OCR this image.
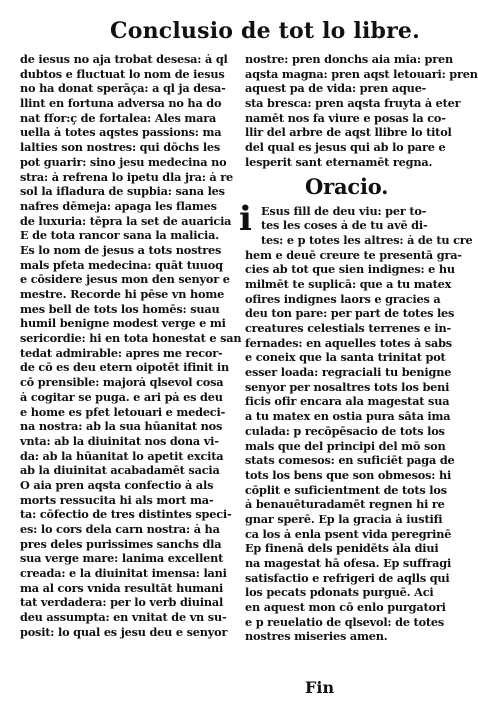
Conclusio de tot lo libre.
de iesus no aja trobat desesa: ȧ ql
dubtos e fluctuat lo nom de iesus
no ha donat sperāça: a ql ja desa-
llint en fortuna adversa no ha do
nat ffor:ç de fortalea: Ales mara
uella ȧ totes aqstes passions: ma
lalties son nostres: qui dōchs les
pot guarir: sino jesu medecina no
stra: ȧ refrena lo ipetu dla jra: ȧ re
sol la ifladura de supbia: sana les
nafres dēmeja: apaga les flames
de luxuria: tēpra la set de auaricia
E de tota rancor sana la malicia.
Es lo nom de jesus a tots nostres
mals pfeta medecina: quāt tuuoq
e cōsidere jesus mon den senyor e
mestre. Recorde hi pēse vn home
mes bell de tots los homēs: suau
humil benigne modest verge e mi
sericordie: hi en tota honestat e san
tedat admirable: apres me recor-
de cō es deu etern oipotēt ifinit in
cō prensible: majorȧ qlsevol cosa
ȧ cogitar se puga. e ari pȧ es deu
e home es pfet letouari e medeci-
na nostra: ab la sua hūanitat nos
vnta: ab la diuinitat nos dona vi-
da: ab la hūanitat lo apetit excita
ab la diuinitat acabadamēt sacia
O aia pren aqsta confectio ȧ als
morts ressucita hi als mort ma-
ta: cōfectio de tres distintes speci-
es: lo cors dela carn nostra: ȧ ha
pres deles purissimes sanchs dla
sua verge mare: lanima excellent
creada: e la diuinitat imensa: lani
ma al cors vnida resultāt humani
tat verdadera: per lo verb diuinal
deu assumpta: en vnitat de vn su-
posit: lo qual es jesu deu e senyor
nostre: pren donchs aia mia: pren
aqsta magna: pren aqst letouari: pren
aquest pa de vida: pren aque-
sta bresca: pren aqsta fruyta ȧ eter
namēt nos fa viure e posas la co-
llir del arbre de aqst llibre lo titol
del qual es jesus qui ab lo pare e
lesperit sant eternamēt regna.
Oracio.
i Esus fill de deu viu: per to-
tes les coses ȧ de tu avē di-
tes: e p totes les altres: ȧ de tu cre
hem e deuē creure te presentā gra-
cies ab tot que sien indignes: e hu
milmēt te suplicā: que a tu matex
ofires indignes laors e gracies a
deu ton pare: per part de totes les
creatures celestials terrenes e in-
fernades: en aquelles totes ȧ sabs
e coneix que la santa trinitat pot
esser loada: regraciali tu benigne
senyor per nosaltres tots los beni
ficis ofir encara ala magestat sua
a tu matex en ostia pura sāta ima
culada: p recōpēsacio de tots los
mals que del principi del mō son
stats comesos: en suficiēt paga de
tots los bens que son obmesos: hi
cōplit e suficientment de tots los
ȧ benauēturadamēt regnen hi re
gnar sperē. Ep la gracia ȧ iustifi
ca los ȧ enla psent vida peregrinē
Ep finenā dels penidēts ȧla diui
na magestat hā ofesa. Ep suffragi
satisfactio e refrigeri de aqlls qui
los pecats pdonats purguē. Aci
en aquest mon cō enlo purgatori
e p reuelatio de qlsevol: de totes
nostres miseries amen.
Fin
